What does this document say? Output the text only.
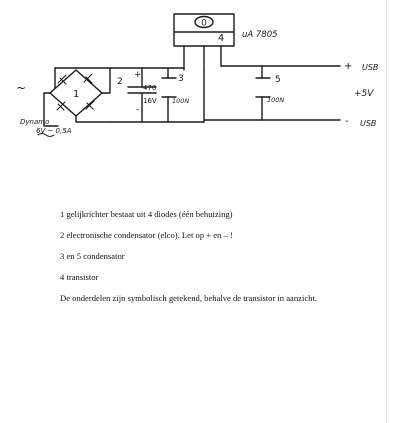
0
4 uA 7805
1
~
Dynamo
6V ~ 0,5A
2
+
470
16V
-
3
100N
5
100N
+ USB
+5V
- USB
1 gelijkrichter bestaat uit 4 diodes (één behuizing)
2 electronische condensator (elco). Let op + en – !
3 en 5 condensator
4 transistor
De onderdelen zijn symbolisch getekend, behalve de transistor in aanzicht.
